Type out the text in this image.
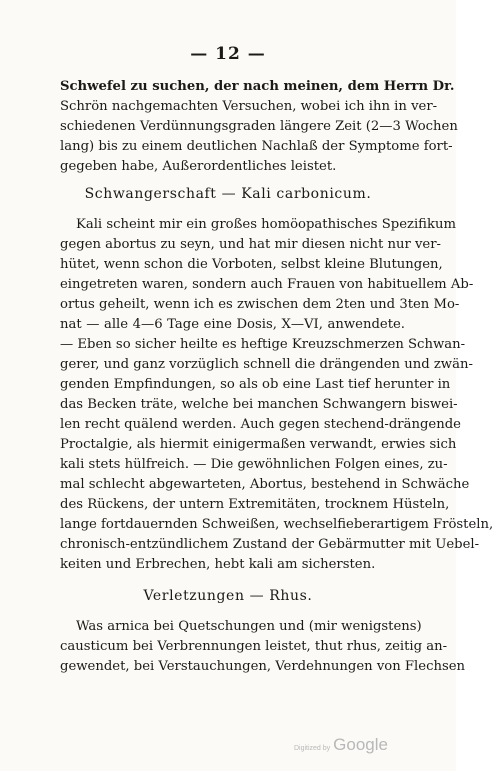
— 12 —
Schwefel zu suchen, der nach meinen, dem Herrn Dr.
Schrön nachgemachten Versuchen, wobei ich ihn in ver-
schiedenen Verdünnungsgraden längere Zeit (2—3 Wochen
lang) bis zu einem deutlichen Nachlaß der Symptome fort-
gegeben habe, Außerordentliches leistet.
Schwangerschaft — Kali carbonicum.
Kali scheint mir ein großes homöopathisches Spezifikum
gegen abortus zu seyn, und hat mir diesen nicht nur ver-
hütet, wenn schon die Vorboten, selbst kleine Blutungen,
eingetreten waren, sondern auch Frauen von habituellem Ab-
ortus geheilt, wenn ich es zwischen dem 2ten und 3ten Mo-
nat — alle 4—6 Tage eine Dosis, X—VI, anwendete.
— Eben so sicher heilte es heftige Kreuzschmerzen Schwan-
gerer, und ganz vorzüglich schnell die drängenden und zwän-
genden Empfindungen, so als ob eine Last tief herunter in
das Becken träte, welche bei manchen Schwangern biswei-
len recht quälend werden. Auch gegen stechend-drängende
Proctalgie, als hiermit einigermaßen verwandt, erwies sich
kali stets hülfreich. — Die gewöhnlichen Folgen eines, zu-
mal schlecht abgewarteten, Abortus, bestehend in Schwäche
des Rückens, der untern Extremitäten, trocknem Hüsteln,
lange fortdauernden Schweißen, wechselfieberartigem Frösteln,
chronisch-entzündlichem Zustand der Gebärmutter mit Uebel-
keiten und Erbrechen, hebt kali am sichersten.
Verletzungen — Rhus.
Was arnica bei Quetschungen und (mir wenigstens)
causticum bei Verbrennungen leistet, thut rhus, zeitig an-
gewendet, bei Verstauchungen, Verdehnungen von Flechsen
Digitized by Google
